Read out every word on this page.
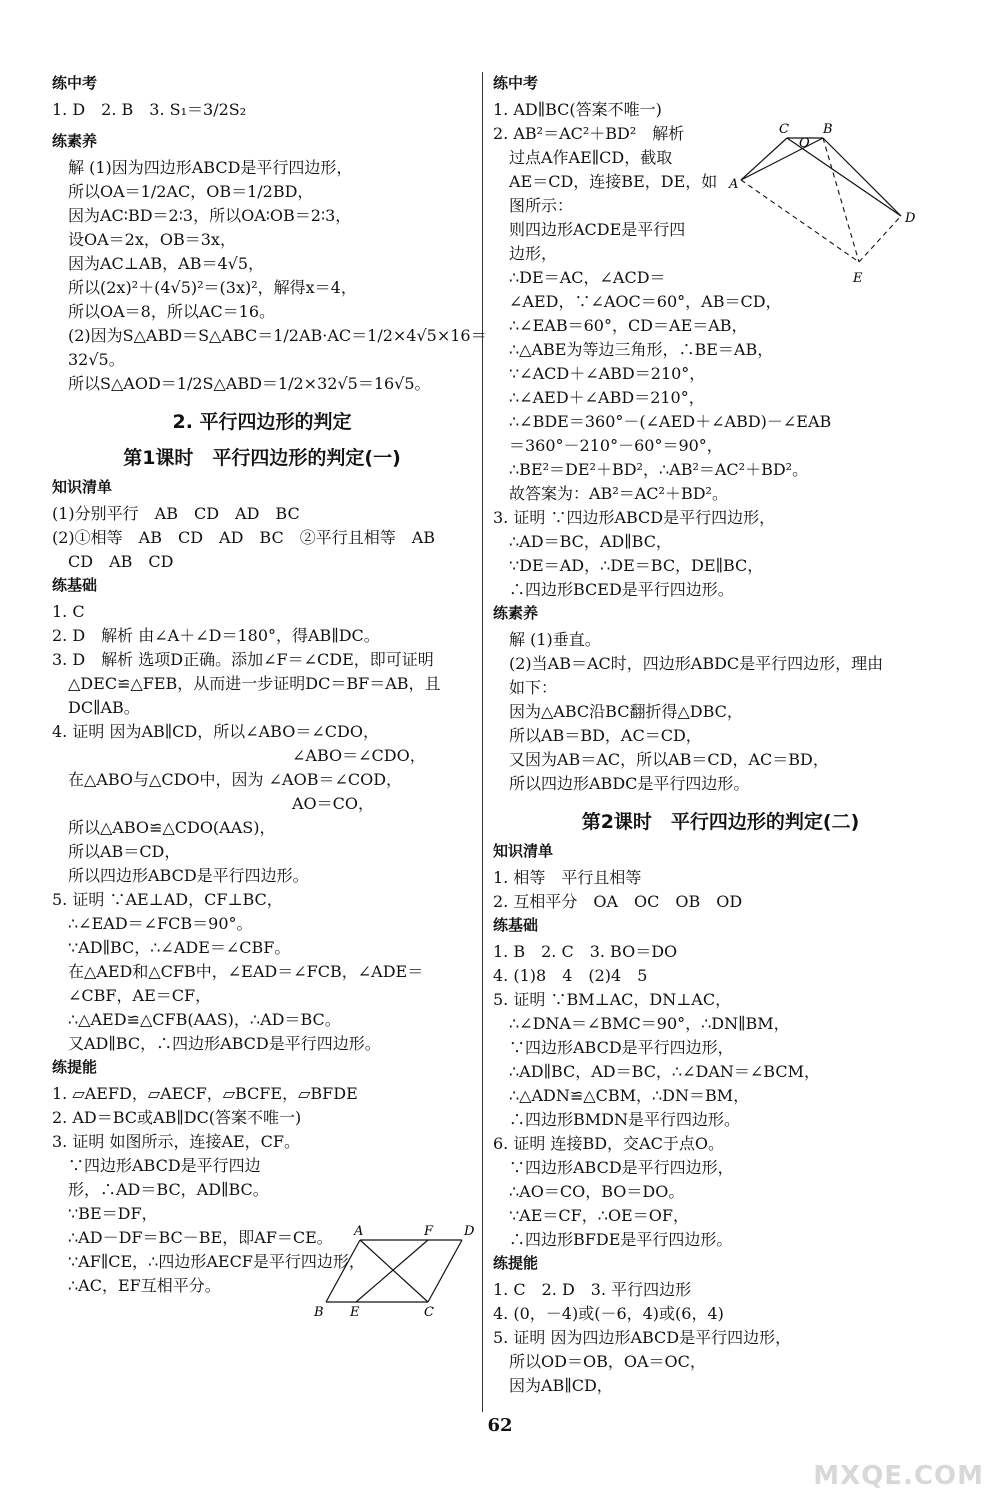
练中考
1. D　2. B　3. S₁＝3/2S₂
练素养
解 (1)因为四边形ABCD是平行四边形，
所以OA＝1/2AC，OB＝1/2BD，
因为AC∶BD＝2∶3，所以OA∶OB＝2∶3，
设OA＝2x，OB＝3x，
因为AC⊥AB，AB＝4√5，
所以(2x)²＋(4√5)²＝(3x)²，解得x＝4，
所以OA＝8，所以AC＝16。
(2)因为S△ABD＝S△ABC＝1/2AB·AC＝1/2×4√5×16＝
32√5。
所以S△AOD＝1/2S△ABD＝1/2×32√5＝16√5。
2. 平行四边形的判定
第1课时　平行四边形的判定(一)
知识清单
(1)分别平行　AB　CD　AD　BC
(2)①相等　AB　CD　AD　BC　②平行且相等　AB
CD　AB　CD
练基础
1. C
2. D　解析 由∠A＋∠D＝180°，得AB∥DC。
3. D　解析 选项D正确。添加∠F＝∠CDE，即可证明
△DEC≌△FEB，从而进一步证明DC＝BF＝AB，且
DC∥AB。
4. 证明 因为AB∥CD，所以∠ABO＝∠CDO，
∠ABO＝∠CDO，
在△ABO与△CDO中，因为 ∠AOB＝∠COD，
AO＝CO，
所以△ABO≌△CDO(AAS)，
所以AB＝CD，
所以四边形ABCD是平行四边形。
5. 证明 ∵AE⊥AD，CF⊥BC，
∴∠EAD＝∠FCB＝90°。
∵AD∥BC，∴∠ADE＝∠CBF。
在△AED和△CFB中，∠EAD＝∠FCB，∠ADE＝
∠CBF，AE＝CF，
∴△AED≌△CFB(AAS)，∴AD＝BC。
又AD∥BC，∴四边形ABCD是平行四边形。
练提能
1. ▱AEFD，▱AECF，▱BCFE，▱BFDE
2. AD＝BC或AB∥DC(答案不唯一)
3. 证明 如图所示，连接AE，CF。
∵四边形ABCD是平行四边
形，∴AD＝BC，AD∥BC。
∵BE＝DF，
∴AD－DF＝BC－BE，即AF＝CE。
∵AF∥CE，∴四边形AECF是平行四边形，
∴AC，EF互相平分。
A	F D
B E	C
练中考
1. AD∥BC(答案不唯一)
2. AB²＝AC²＋BD²　解析
过点A作AE∥CD，截取
AE＝CD，连接BE，DE，如
图所示：
则四边形ACDE是平行四
边形，
∴DE＝AC，∠ACD＝
∠AED，∵∠AOC＝60°，AB＝CD，
∴∠EAB＝60°，CD＝AE＝AB，
∴△ABE为等边三角形，∴BE＝AB，
∵∠ACD＋∠ABD＝210°，
∴∠AED＋∠ABD＝210°，
∴∠BDE＝360°－(∠AED＋∠ABD)－∠EAB
＝360°－210°－60°＝90°，
∴BE²＝DE²＋BD²，∴AB²＝AC²＋BD²。
故答案为：AB²＝AC²＋BD²。
3. 证明 ∵四边形ABCD是平行四边形，
∴AD＝BC，AD∥BC，
∵DE＝AD，∴DE＝BC，DE∥BC，
∴四边形BCED是平行四边形。
练素养
解 (1)垂直。
(2)当AB＝AC时，四边形ABDC是平行四边形，理由
如下：
因为△ABC沿BC翻折得△DBC，
所以AB＝BD，AC＝CD，
又因为AB＝AC，所以AB＝CD，AC＝BD，
所以四边形ABDC是平行四边形。
第2课时　平行四边形的判定(二)
知识清单
1. 相等　平行且相等
2. 互相平分　OA　OC　OB　OD
练基础
1. B　2. C　3. BO＝DO
4. (1)8　4　(2)4　5
5. 证明 ∵BM⊥AC，DN⊥AC，
∴∠DNA＝∠BMC＝90°，∴DN∥BM，
∵四边形ABCD是平行四边形，
∴AD∥BC，AD＝BC，∴∠DAN＝∠BCM，
∴△ADN≌△CBM，∴DN＝BM，
∴四边形BMDN是平行四边形。
6. 证明 连接BD，交AC于点O。
∵四边形ABCD是平行四边形，
∴AO＝CO，BO＝DO。
∵AE＝CF，∴OE＝OF，
∴四边形BFDE是平行四边形。
练提能
1. C　2. D　3. 平行四边形
4. (0，－4)或(－6，4)或(6，4)
5. 证明 因为四边形ABCD是平行四边形，
所以OD＝OB，OA＝OC，
因为AB∥CD，
C
O
B
A
D
E
62
MXQE.COM
